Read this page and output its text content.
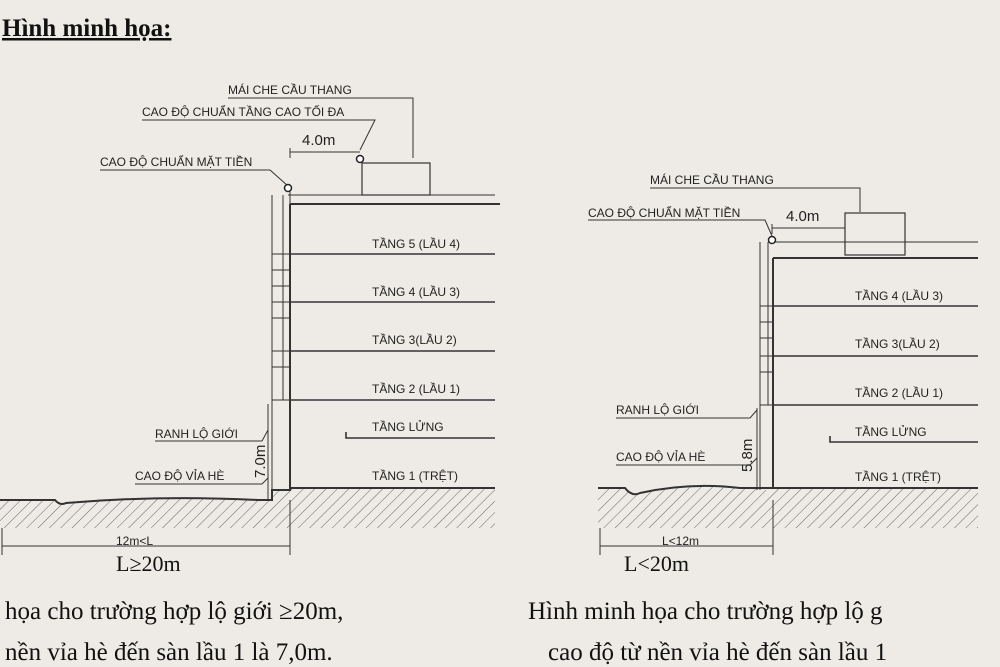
Hình minh họa:
TẦNG 5 (LẦU 4)
TẦNG 4 (LẦU 3)
TẦNG 3(LẦU 2)
TẦNG 2 (LẦU 1)
TẦNG LỬNG
TẦNG 1 (TRỆT)
MÁI CHE CẦU THANG
CAO ĐỘ CHUẨN TẦNG CAO TỐI ĐA
4.0m
CAO ĐỘ CHUẨN MẶT TIỀN
RANH LỘ GIỚI
CAO ĐỘ VỈA HÈ 7.0m
12m<L
L≥20m
TẦNG 4 (LẦU 3)
TẦNG 3(LẦU 2)
TẦNG 2 (LẦU 1)
TẦNG LỬNG
TẦNG 1 (TRỆT)
MÁI CHE CẦU THANG
CAO ĐỘ CHUẨN MẶT TIỀN	4.0m
RANH LỘ GIỚI
CAO ĐỘ VỈA HÈ 5.8m
L<12m
L<20m
họa cho trường hợp lộ giới ≥20m,
nền vỉa hè đến sàn lầu 1 là 7,0m.
Hình minh họa cho trường hợp lộ g
cao độ từ nền vỉa hè đến sàn lầu 1
